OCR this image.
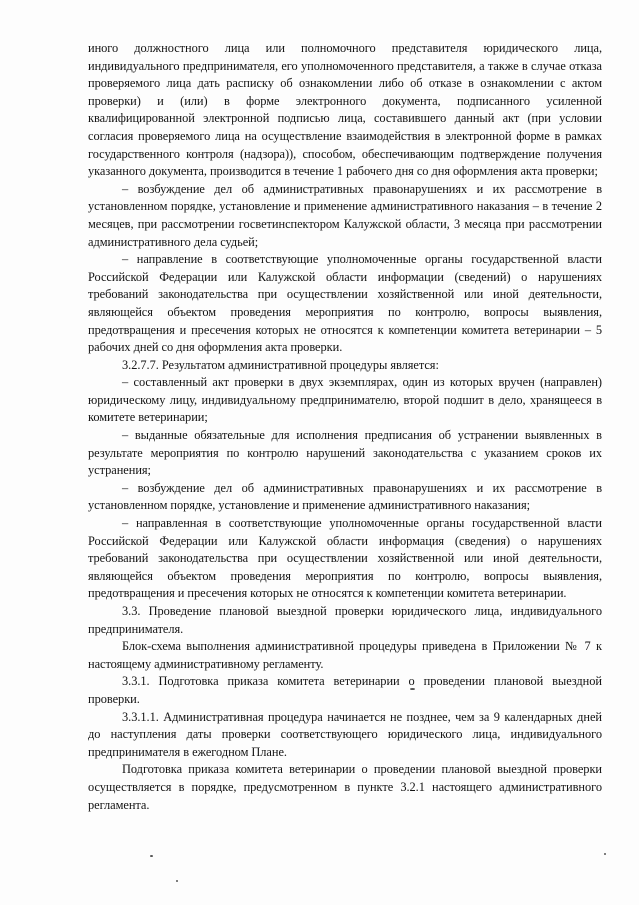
иного должностного лица или полномочного представителя юридического лица, индивидуального предпринимателя, его уполномоченного представителя, а также в случае отказа проверяемого лица дать расписку об ознакомлении либо об отказе в ознакомлении с актом проверки) и (или) в форме электронного документа, подписанного усиленной квалифицированной электронной подписью лица, составившего данный акт (при условии согласия проверяемого лица на осуществление взаимодействия в электронной форме в рамках государственного контроля (надзора)), способом, обеспечивающим подтверждение получения указанного документа, производится в течение 1 рабочего дня со дня оформления акта проверки;

– возбуждение дел об административных правонарушениях и их рассмотрение в установленном порядке, установление и применение административного наказания – в течение 2 месяцев, при рассмотрении госветинспектором Калужской области, 3 месяца при рассмотрении административного дела судьей;

– направление в соответствующие уполномоченные органы государственной власти Российской Федерации или Калужской области информации (сведений) о нарушениях требований законодательства при осуществлении хозяйственной или иной деятельности, являющейся объектом проведения мероприятия по контролю, вопросы выявления, предотвращения и пресечения которых не относятся к компетенции комитета ветеринарии – 5 рабочих дней со дня оформления акта проверки.

3.2.7.7. Результатом административной процедуры является:

– составленный акт проверки в двух экземплярах, один из которых вручен (направлен) юридическому лицу, индивидуальному предпринимателю, второй подшит в дело, хранящееся в комитете ветеринарии;

– выданные обязательные для исполнения предписания об устранении выявленных в результате мероприятия по контролю нарушений законодательства с указанием сроков их устранения;

– возбуждение дел об административных правонарушениях и их рассмотрение в установленном порядке, установление и применение административного наказания;

– направленная в соответствующие уполномоченные органы государственной власти Российской Федерации или Калужской области информация (сведения) о нарушениях требований законодательства при осуществлении хозяйственной или иной деятельности, являющейся объектом проведения мероприятия по контролю, вопросы выявления, предотвращения и пресечения которых не относятся к компетенции комитета ветеринарии.

3.3. Проведение плановой выездной проверки юридического лица, индивидуального предпринимателя.

Блок-схема выполнения административной процедуры приведена в Приложении № 7 к настоящему административному регламенту.

3.3.1. Подготовка приказа комитета ветеринарии о проведении плановой выездной проверки.

3.3.1.1. Административная процедура начинается не позднее, чем за 9 календарных дней до наступления даты проверки соответствующего юридического лица, индивидуального предпринимателя в ежегодном Плане.

Подготовка приказа комитета ветеринарии о проведении плановой выездной проверки осуществляется в порядке, предусмотренном в пункте 3.2.1 настоящего административного регламента.
